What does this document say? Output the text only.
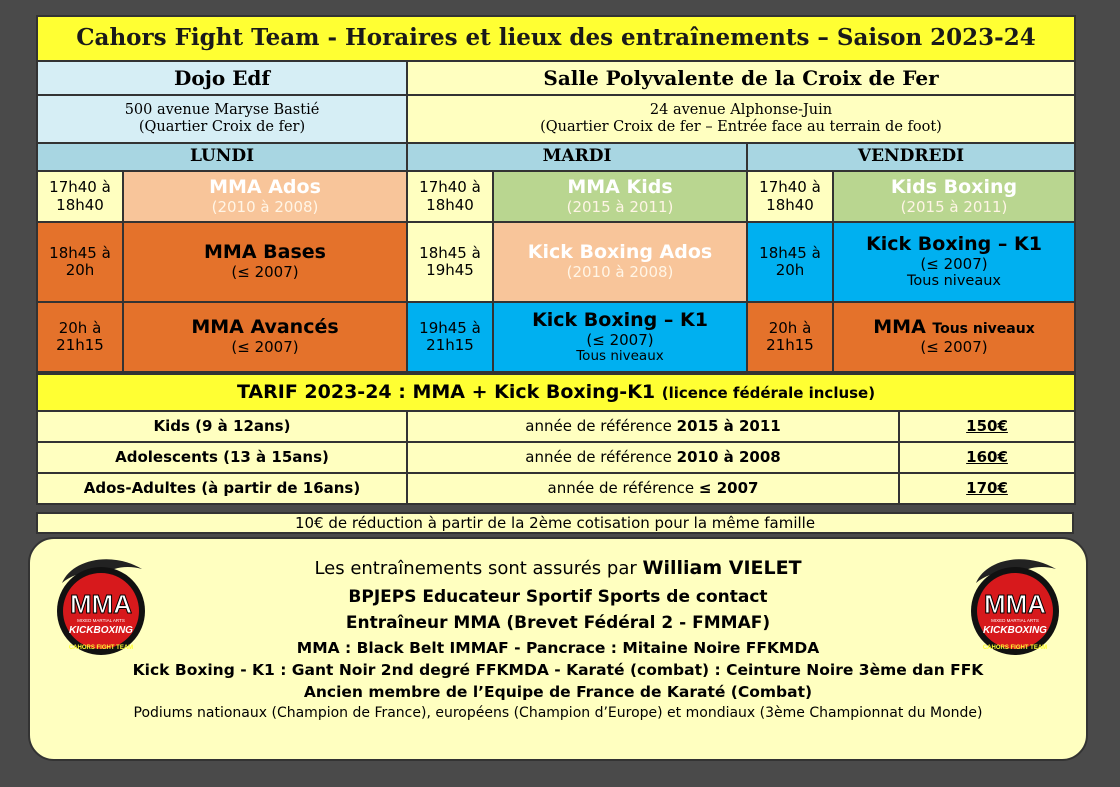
Cahors Fight Team - Horaires et lieux des entraînements – Saison 2023-24					
Dojo Edf		Salle Polyvalente de la Croix de Fer			

500 avenue Maryse Bastié
(Quartier Croix de fer)		24 avenue Alphonse-Juin
(Quartier Croix de fer – Entrée face au terrain de foot)			

LUNDI		MARDI		VENDREDI	
17h40 à
18h40	MMA Ados
(2010 à 2008)	17h40 à
18h40	MMA Kids
(2015 à 2011)	17h40 à
18h40	Kids Boxing
(2015 à 2011)

18h45 à
20h	MMA Bases
(≤ 2007)	18h45 à
19h45	Kick Boxing Ados
(2010 à 2008)	18h45 à
20h	Kick Boxing – K1
(≤ 2007)
Tous niveaux

20h à
21h15	MMA Avancés
(≤ 2007)	19h45 à
21h15	Kick Boxing – K1
(≤ 2007)
Tous niveaux	20h à
21h15	MMA Tous niveaux
(≤ 2007)
TARIF 2023-24 : MMA + Kick Boxing-K1 (licence fédérale incluse)		
Kids (9 à 12ans)	année de référence 2015 à 2011	150€
Adolescents (13 à 15ans)	année de référence 2010 à 2008	160€
Ados-Adultes (à partir de 16ans)	année de référence ≤ 2007	170€
10€ de réduction à partir de la 2ème cotisation pour la même famille
MMA
MIXED MARTIAL ARTS
KICKBOXING
CAHORS FIGHT TEAM
MMA
MIXED MARTIAL ARTS
KICKBOXING
CAHORS FIGHT TEAM
Les entraînements sont assurés par William VIELET
BPJEPS Educateur Sportif Sports de contact
Entraîneur MMA (Brevet Fédéral 2 - FMMAF)
MMA : Black Belt IMMAF - Pancrace : Mitaine Noire FFKMDA
Kick Boxing - K1 : Gant Noir 2nd degré FFKMDA - Karaté (combat) : Ceinture Noire 3ème dan FFK
Ancien membre de l’Equipe de France de Karaté (Combat)
Podiums nationaux (Champion de France), européens (Champion d’Europe) et mondiaux (3ème Championnat du Monde)
